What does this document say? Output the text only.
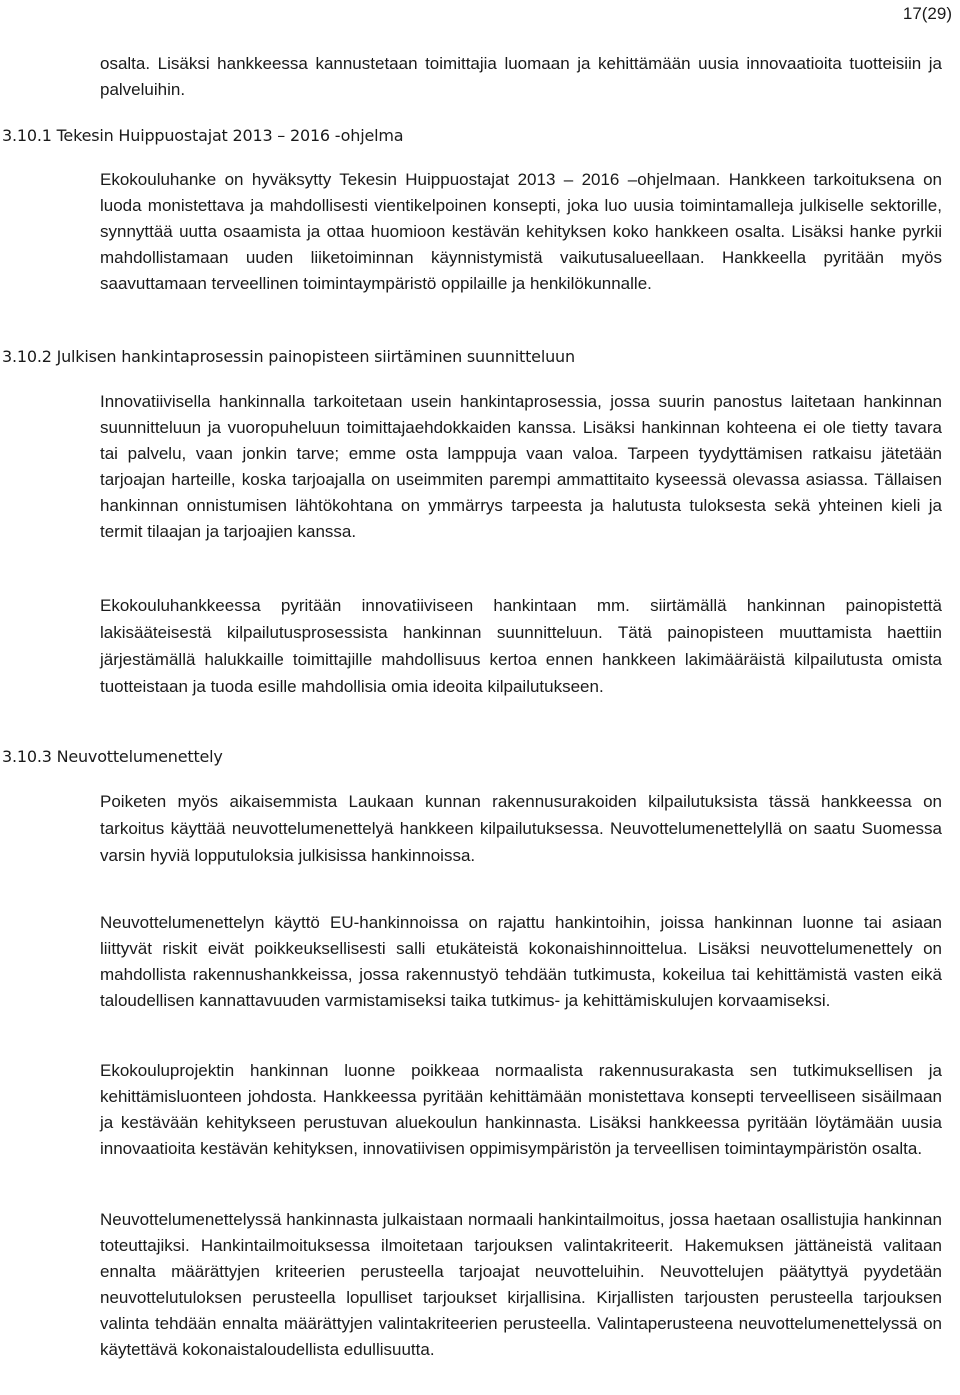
17(29)

osalta. Lisäksi hankkeessa kannustetaan toimittajia luomaan ja kehittämään uusia innovaatioita tuotteisiin ja palveluihin.

3.10.1 Tekesin Huippuostajat 2013 – 2016 -ohjelma

Ekokouluhanke on hyväksytty Tekesin Huippuostajat 2013 – 2016 –ohjelmaan. Hankkeen tarkoituksena on luoda monistettava ja mahdollisesti vientikelpoinen konsepti, joka luo uusia toimintamalleja julkiselle sektorille, synnyttää uutta osaamista ja ottaa huomioon kestävän kehityksen koko hankkeen osalta. Lisäksi hanke pyrkii mahdollistamaan uuden liiketoiminnan käynnistymistä vaikutusalueellaan. Hankkeella pyritään myös saavuttamaan terveellinen toimintaympäristö oppilaille ja henkilökunnalle.

3.10.2 Julkisen hankintaprosessin painopisteen siirtäminen suunnitteluun

Innovatiivisella hankinnalla tarkoitetaan usein hankintaprosessia, jossa suurin panostus laitetaan hankinnan suunnitteluun ja vuoropuheluun toimittajaehdokkaiden kanssa. Lisäksi hankinnan kohteena ei ole tietty tavara tai palvelu, vaan jonkin tarve; emme osta lamppuja vaan valoa. Tarpeen tyydyttämisen ratkaisu jätetään tarjoajan harteille, koska tarjoajalla on useimmiten parempi ammattitaito kyseessä olevassa asiassa. Tällaisen hankinnan onnistumisen lähtökohtana on ymmärrys tarpeesta ja halutusta tuloksesta sekä yhteinen kieli ja termit tilaajan ja tarjoajien kanssa.

Ekokouluhankkeessa pyritään innovatiiviseen hankintaan mm. siirtämällä hankinnan painopistettä lakisääteisestä kilpailutusprosessista hankinnan suunnitteluun. Tätä painopisteen muuttamista haettiin järjestämällä halukkaille toimittajille mahdollisuus kertoa ennen hankkeen lakimääräistä kilpailutusta omista tuotteistaan ja tuoda esille mahdollisia omia ideoita kilpailutukseen.

3.10.3 Neuvottelumenettely

Poiketen myös aikaisemmista Laukaan kunnan rakennusurakoiden kilpailutuksista tässä hankkeessa on tarkoitus käyttää neuvottelumenettelyä hankkeen kilpailutuksessa. Neuvottelumenettelyllä on saatu Suomessa varsin hyviä lopputuloksia julkisissa hankinnoissa.

Neuvottelumenettelyn käyttö EU-hankinnoissa on rajattu hankintoihin, joissa hankinnan luonne tai asiaan liittyvät riskit eivät poikkeuksellisesti salli etukäteistä kokonaishinnoittelua. Lisäksi neuvottelumenettely on mahdollista rakennushankkeissa, jossa rakennustyö tehdään tutkimusta, kokeilua tai kehittämistä vasten eikä taloudellisen kannattavuuden varmistamiseksi taika tutkimus- ja kehittämiskulujen korvaamiseksi.

Ekokouluprojektin hankinnan luonne poikkeaa normaalista rakennusurakasta sen tutkimuksellisen ja kehittämisluonteen johdosta. Hankkeessa pyritään kehittämään monistettava konsepti terveelliseen sisäilmaan ja kestävään kehitykseen perustuvan aluekoulun hankinnasta. Lisäksi hankkeessa pyritään löytämään uusia innovaatioita kestävän kehityksen, innovatiivisen oppimisympäristön ja terveellisen toimintaympäristön osalta.

Neuvottelumenettelyssä hankinnasta julkaistaan normaali hankintailmoitus, jossa haetaan osallistujia hankinnan toteuttajiksi. Hankintailmoituksessa ilmoitetaan tarjouksen valintakriteerit. Hakemuksen jättäneistä valitaan ennalta määrättyjen kriteerien perusteella tarjoajat neuvotteluihin. Neuvottelujen päätyttyä pyydetään neuvottelutuloksen perusteella lopulliset tarjoukset kirjallisina. Kirjallisten tarjousten perusteella tarjouksen valinta tehdään ennalta määrättyjen valintakriteerien perusteella. Valintaperusteena neuvottelumenettelyssä on käytettävä kokonaistaloudellista edullisuutta.
